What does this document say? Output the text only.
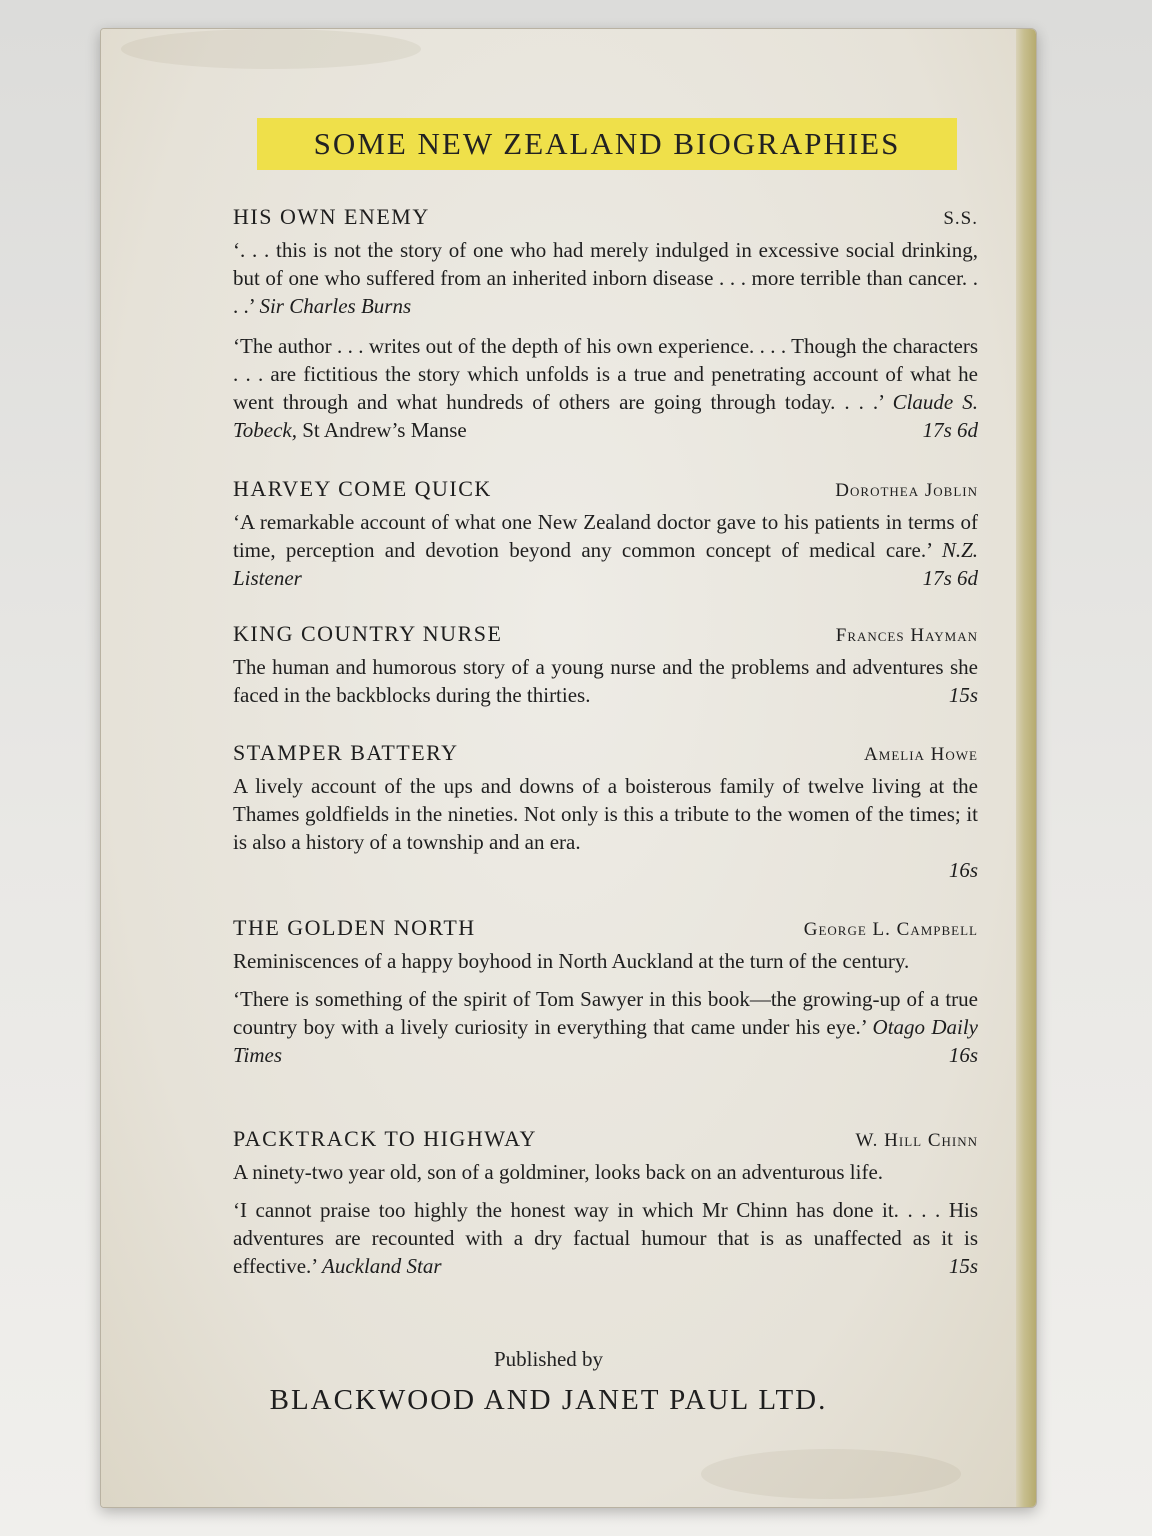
SOME NEW ZEALAND BIOGRAPHIES
HIS OWN ENEMY	S.S.

‘. . . this is not the story of one who had merely indulged in excessive social drinking, but of one who suffered from an inherited inborn disease . . . more terrible than cancer. . . .’ Sir Charles Burns

‘The author . . . writes out of the depth of his own experience. . . . Though the characters . . . are fictitious the story which unfolds is a true and penetrating account of what he went through and what hundreds of others are going through today. . . .’ Claude S. Tobeck, St Andrew’s Manse	17s 6d

HARVEY COME QUICK	Dorothea Joblin

‘A remarkable account of what one New Zealand doctor gave to his patients in terms of time, perception and devotion beyond any common concept of medical care.’ N.Z. Listener	17s 6d

KING COUNTRY NURSE	Frances Hayman

The human and humorous story of a young nurse and the problems and adventures she faced in the backblocks during the thirties.	15s

STAMPER BATTERY	Amelia Howe

A lively account of the ups and downs of a boisterous family of twelve living at the Thames goldfields in the nineties. Not only is this a tribute to the women of the times; it is also a history of a township and an era.

16s
THE GOLDEN NORTH	George L. Campbell

Reminiscences of a happy boyhood in North Auckland at the turn of the century.

‘There is something of the spirit of Tom Sawyer in this book—the growing-up of a true country boy with a lively curiosity in everything that came under his eye.’ Otago Daily Times	16s

PACKTRACK TO HIGHWAY	W. Hill Chinn

A ninety-two year old, son of a goldminer, looks back on an adventurous life.

‘I cannot praise too highly the honest way in which Mr Chinn has done it. . . . His adventures are recounted with a dry factual humour that is as unaffected as it is effective.’ Auckland Star	15s

Published by
BLACKWOOD AND JANET PAUL LTD.
